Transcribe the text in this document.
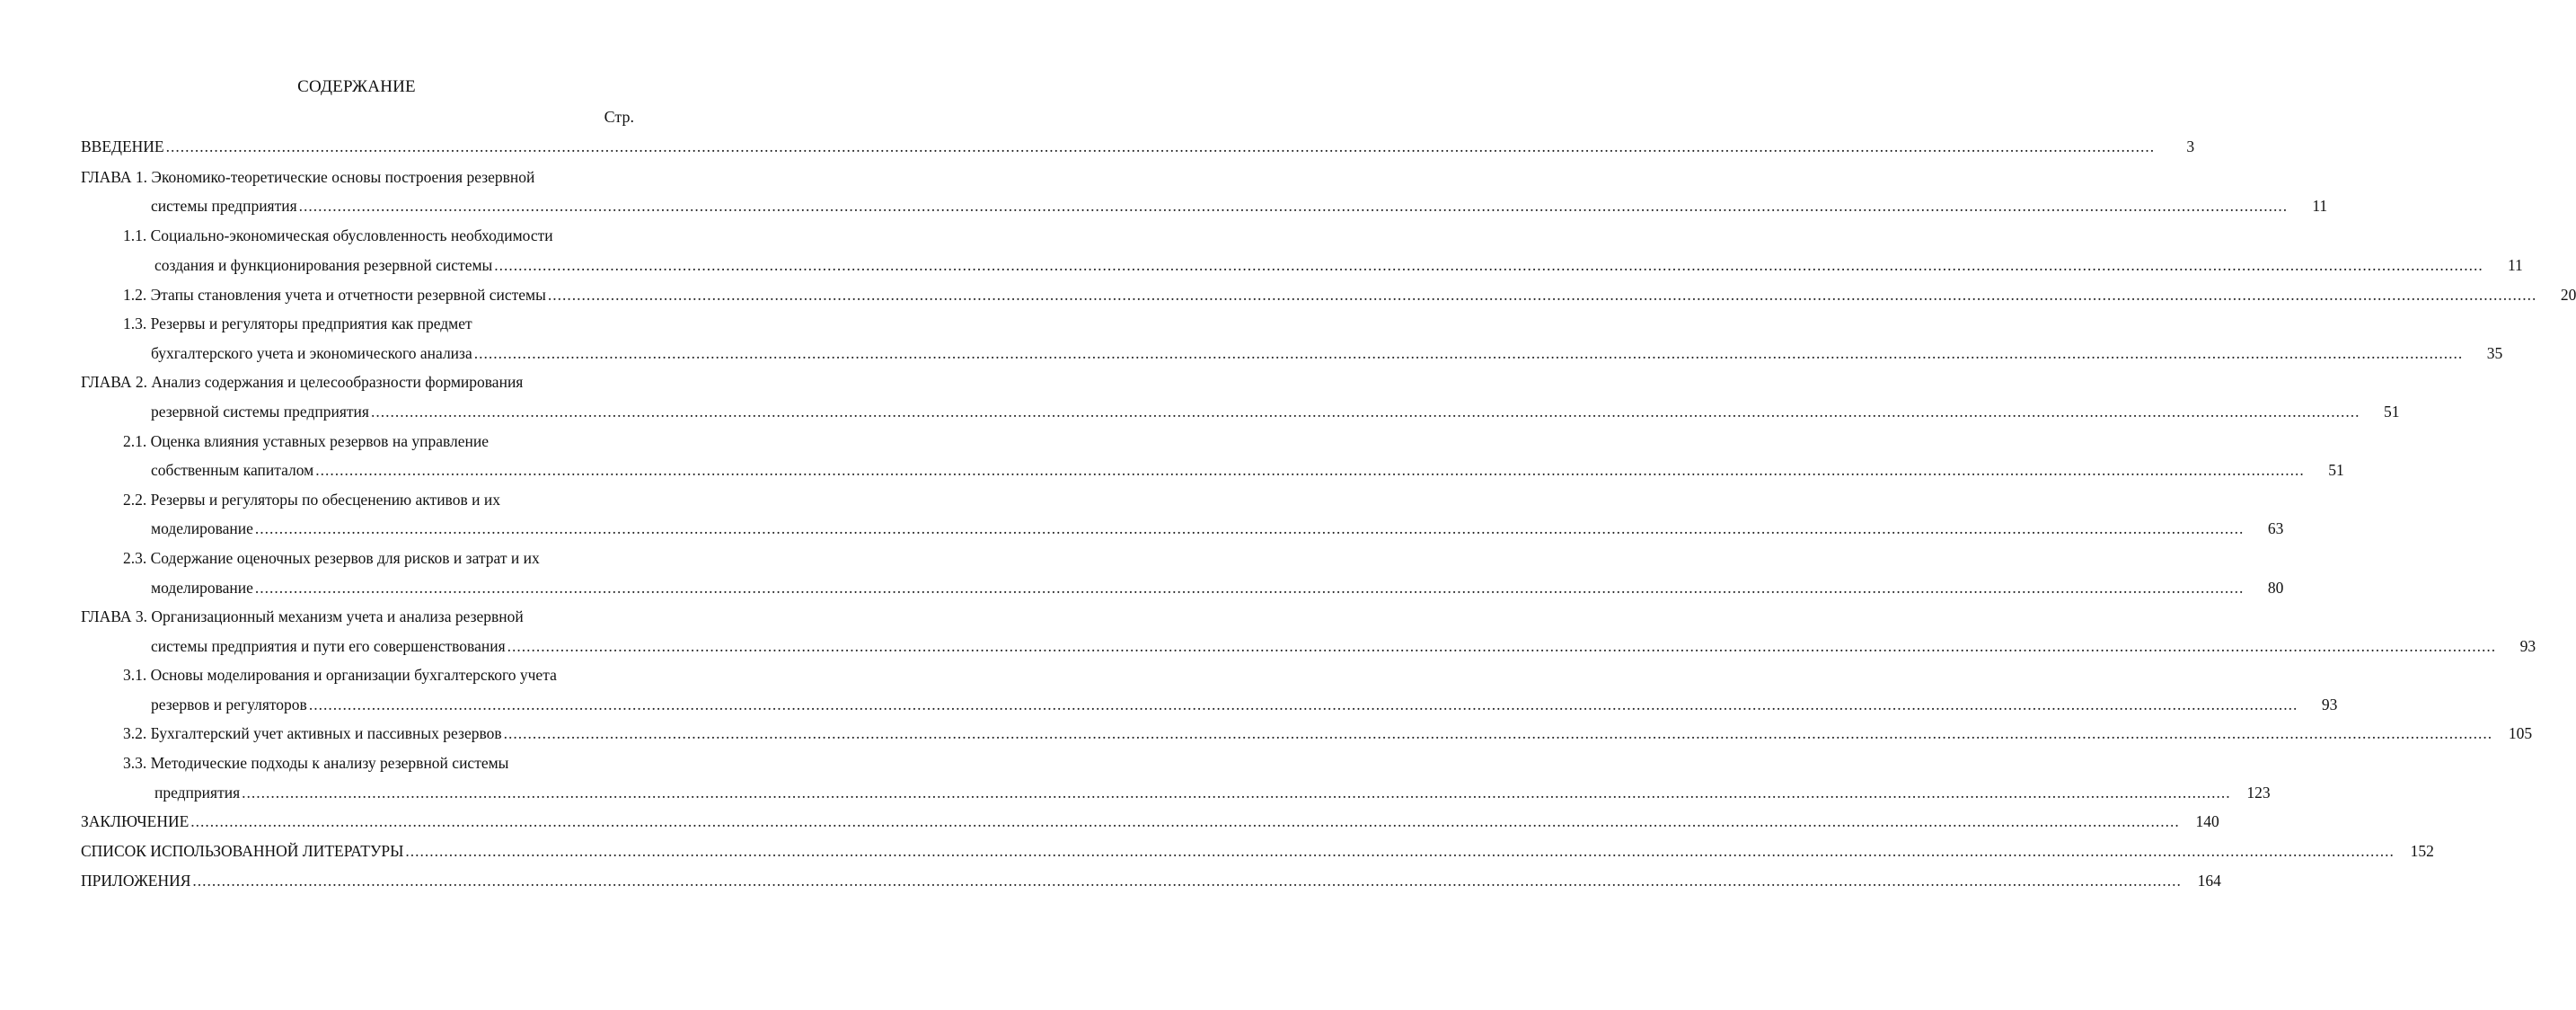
СОДЕРЖАНИЕ
Стр.
ВВЕДЕНИЕ ............................................................................................................................................................................................................................................................................................................................................................................................................................	3
ГЛАВА 1. Экономико-теоретические основы построения резервной
системы предприятия ............................................................................................................................................................................................................................................................................................................................................................................................................................	11
1.1. Социально-экономическая обусловленность необходимости
создания и функционирования резервной системы ............................................................................................................................................................................................................................................................................................................................................................................................................................	11
1.2. Этапы становления учета и отчетности резервной системы ............................................................................................................................................................................................................................................................................................................................................................................................................................	20
1.3. Резервы и регуляторы предприятия как предмет
бухгалтерского учета и экономического анализа ............................................................................................................................................................................................................................................................................................................................................................................................................................	35
ГЛАВА 2. Анализ содержания и целесообразности формирования
резервной системы предприятия ............................................................................................................................................................................................................................................................................................................................................................................................................................	51
2.1. Оценка влияния уставных резервов на управление
собственным капиталом ............................................................................................................................................................................................................................................................................................................................................................................................................................	51
2.2. Резервы и регуляторы по обесценению активов и их
моделирование ............................................................................................................................................................................................................................................................................................................................................................................................................................	63
2.3. Содержание оценочных резервов для рисков и затрат и их
моделирование ............................................................................................................................................................................................................................................................................................................................................................................................................................	80
ГЛАВА 3. Организационный механизм учета и анализа резервной
системы предприятия и пути его совершенствования ............................................................................................................................................................................................................................................................................................................................................................................................................................	93
3.1. Основы моделирования и организации бухгалтерского учета
резервов и регуляторов ............................................................................................................................................................................................................................................................................................................................................................................................................................	93
3.2. Бухгалтерский учет активных и пассивных резервов ............................................................................................................................................................................................................................................................................................................................................................................................................................	105
3.3. Методические подходы к анализу резервной системы
предприятия ............................................................................................................................................................................................................................................................................................................................................................................................................................	123
ЗАКЛЮЧЕНИЕ ............................................................................................................................................................................................................................................................................................................................................................................................................................	140
СПИСОК ИСПОЛЬЗОВАННОЙ ЛИТЕРАТУРЫ ............................................................................................................................................................................................................................................................................................................................................................................................................................	152
ПРИЛОЖЕНИЯ ............................................................................................................................................................................................................................................................................................................................................................................................................................	164
